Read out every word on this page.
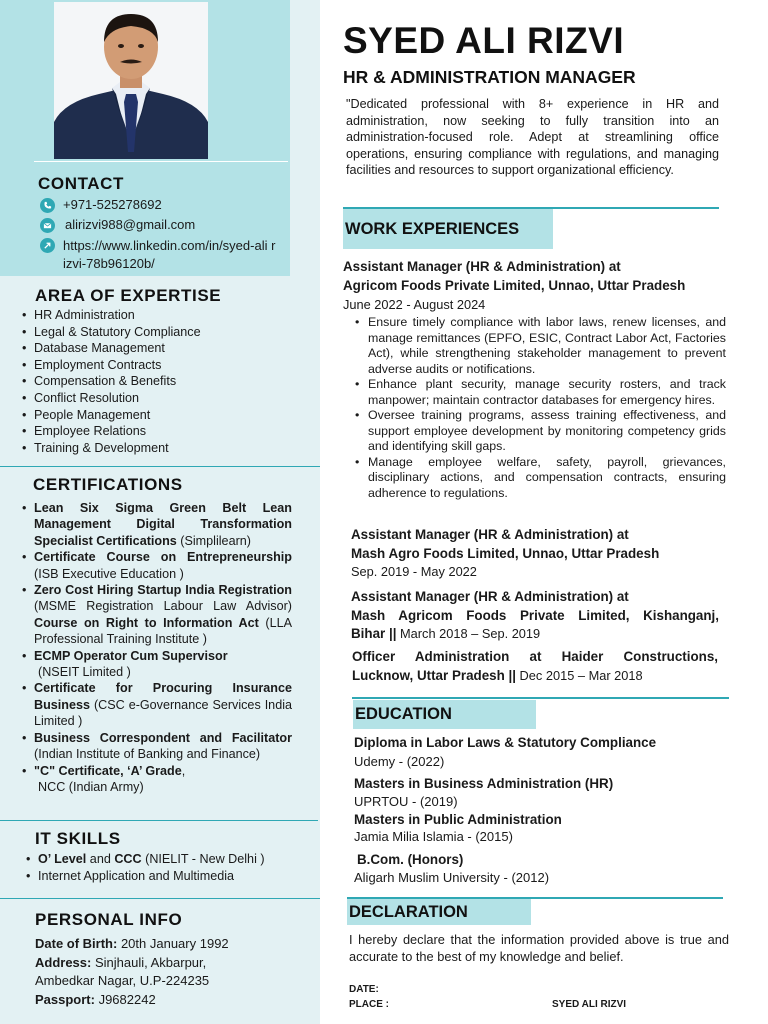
CONTACT
+971-525278692
alirizvi988@gmail.com
https://www.linkedin.com/in/syed-ali rizvi-78b96120b/
AREA OF EXPERTISE
• HR Administration
• Legal & Statutory Compliance
• Database Management
• Employment Contracts
• Compensation & Benefits
• Conflict Resolution
• People Management
• Employee Relations
• Training & Development
CERTIFICATIONS
• Lean Six Sigma Green Belt Lean Management Digital Transformation Specialist Certifications (Simplilearn)
• Certificate Course on Entrepreneurship (ISB Executive Education )
• Zero Cost Hiring Startup India Registration (MSME Registration Labour Law Advisor) Course on Right to Information Act (LLA Professional Training Institute )
• ECMP Operator Cum Supervisor
(NSEIT Limited )
• Certificate for Procuring Insurance Business (CSC e-Governance Services India Limited )
• Business Correspondent and Facilitator (Indian Institute of Banking and Finance)
• "C" Certificate, ‘A’ Grade,
NCC (Indian Army)
IT SKILLS
• O’ Level and CCC (NIELIT - New Delhi )
• Internet Application and Multimedia
PERSONAL INFO

Date of Birth: 20th January 1992

Address: Sinjhauli, Akbarpur,

Ambedkar Nagar, U.P-224235

Passport: J9682242

SYED ALI RIZVI
HR & ADMINISTRATION MANAGER
"Dedicated professional with 8+ experience in HR and administration, now seeking to fully transition into an administration-focused role. Adept at streamlining office operations, ensuring compliance with regulations, and managing facilities and resources to support organizational efficiency.
WORK EXPERIENCES
Assistant Manager (HR & Administration) at
Agricom Foods Private Limited, Unnao, Uttar Pradesh
June 2022 - August 2024
• Ensure timely compliance with labor laws, renew licenses, and manage remittances (EPFO, ESIC, Contract Labor Act, Factories Act), while strengthening stakeholder management to prevent adverse audits or notifications.
• Enhance plant security, manage security rosters, and track manpower; maintain contractor databases for emergency hires.
• Oversee training programs, assess training effectiveness, and support employee development by monitoring competency grids and identifying skill gaps.
• Manage employee welfare, safety, payroll, grievances, disciplinary actions, and compensation contracts, ensuring adherence to regulations.
Assistant Manager (HR & Administration) at
Mash Agro Foods Limited, Unnao, Uttar Pradesh
Sep. 2019 - May 2022
Assistant Manager (HR & Administration) at
Mash Agricom Foods Private Limited, Kishanganj,
Bihar || March 2018 – Sep. 2019
Officer Administration at Haider Constructions,
Lucknow, Uttar Pradesh || Dec 2015 – Mar 2018
EDUCATION
Diploma in Labor Laws & Statutory Compliance
Udemy - (2022)
Masters in Business Administration (HR)
UPRTOU - (2019)
Masters in Public Administration
Jamia Milia Islamia - (2015)
B.Com. (Honors)
Aligarh Muslim University - (2012)
DECLARATION
I hereby declare that the information provided above is true and accurate to the best of my knowledge and belief.
DATE:
PLACE :	SYED ALI RIZVI
